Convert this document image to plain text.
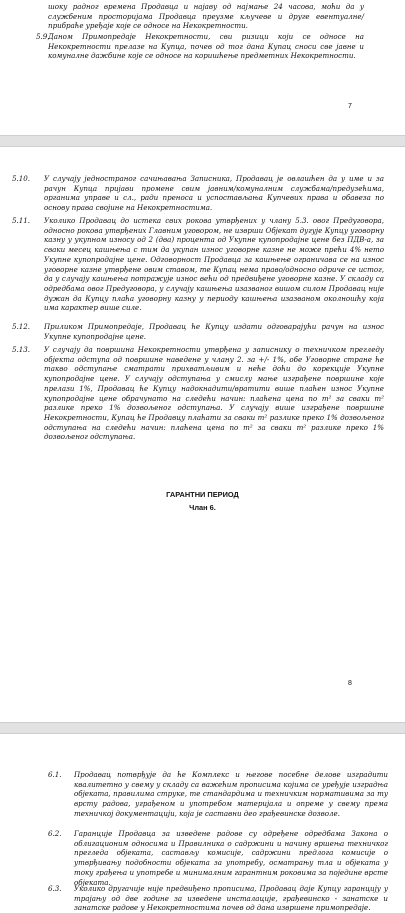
шоку радног времена Продавца и најаву од најмање 24 часова, моћи да у службеним просторијама Продавца преузме кључеве и друге евентуалне/прибраће уређаје које се односе на Некокретности.
5.9.
Даном Примопредаје Некокретности, сви ризици који се односе на Некокретности прелазе на Купца, почев од тог дана Купац сноси све јавне и комуналне дажбине које се односе на коришћење предметних Некокретности.
7
5.10.	У случају једностраног сачињавања Записника, Продавац је овлашћен да у име и за рачун Купца пријави промене свим јавним/комуналним службама/предузећима, органима управе и сл., ради преноса и успостављања Купчевих права и обавеза по основу права својине на Некокретностима.
5.11.	Уколико Продавац до истека свих рокова утврђених у члану 5.3. овог Предуговора, односно рокова утврђених Главним уговором, не изврши Објекат дугује Купцу уговорну казну у укупном износу од 2 (два) процента од Укупне купопродајне цене без ПДВ-а, за сваки месец кашњења с тим да укупан износ уговорне казне не може прећи 4% нето Укупне купопродајне цене. Одговорност Продавца за кашњење ограничава се на износ уговорне казне утврђене овим ставом, те Купац нема право/односно одриче се истог, да у случају кашњења потражује износ већи од предвиђене уговорне казне. У складу са одредбама овог Предуговора, у случају кашњења изазваног вишом силом Продавац није дужан да Купцу плаћа уговорну казну у периоду кашњења изазваном околношћу која има карактер више силе.
5.12.	Приликом Примопредаје, Продавац ће Купцу издати одговарајући рачун на износ Укупне купопродајне цене.
5.13.	У случају да површина Некокретности утврђена у записнику о техничком прегледу објекта одступа од површине наведене у члану 2. за +/- 1%, обе Уговорне стране ће такво одступање сматрати прихватљивим и неће доћи до корекције Укупне купопродајне цене. У случају одступања у смислу мање изграђене површине које прелази 1%, Продавац ће Купцу надокнадити/вратити више плаћен износ Укупне купопродајне цене обрачунато на следећи начин: плаћена цена по m² за сваки m² разлике преко 1% дозвољеног одступања. У случају више изграђене површине Некокретности, Купац ће Продавцу плаћати за сваки m² разлике преко 1% дозвољеног одступања на следећи начин: плаћена цена по m² за сваки m² разлике преко 1% дозвољеног одступања.
ГАРАНТНИ ПЕРИОД
Члан 6.
8
6.1.	Продавац потврђује да ће Комплекс и његове посебне делове изградити квалитетно у свему у складу са важећим прописима којима се уређује изградња објеката, правилима струке, те стандардима и техничким нормативима за ту врсту радова, уграђеном и употребом материјала и опреме у свему према техничкој документацији, која је саставни део грађевинске дозволе.
6.2.	Гаранције Продавца за изведене радове су одређене одредбама Закона о облигационим односима и Правилника о садржини и начину вршења техничког прегледа објеката, састављу комисије, садржини предлога комисије о утврђивању подобности објеката за употребу, осматрању тла и објеката у току грађења и употребе и минималним гарантним роковима за поједине врсте објеката.
6.3.	Уколико другачије није предвиђено прописима, Продавац даје Купцу гаранцију у трајању од две године за изведене инсталације, грађевинско - занатске и занатске радове у Некокретностима почев од дана извршене примопредаје.
